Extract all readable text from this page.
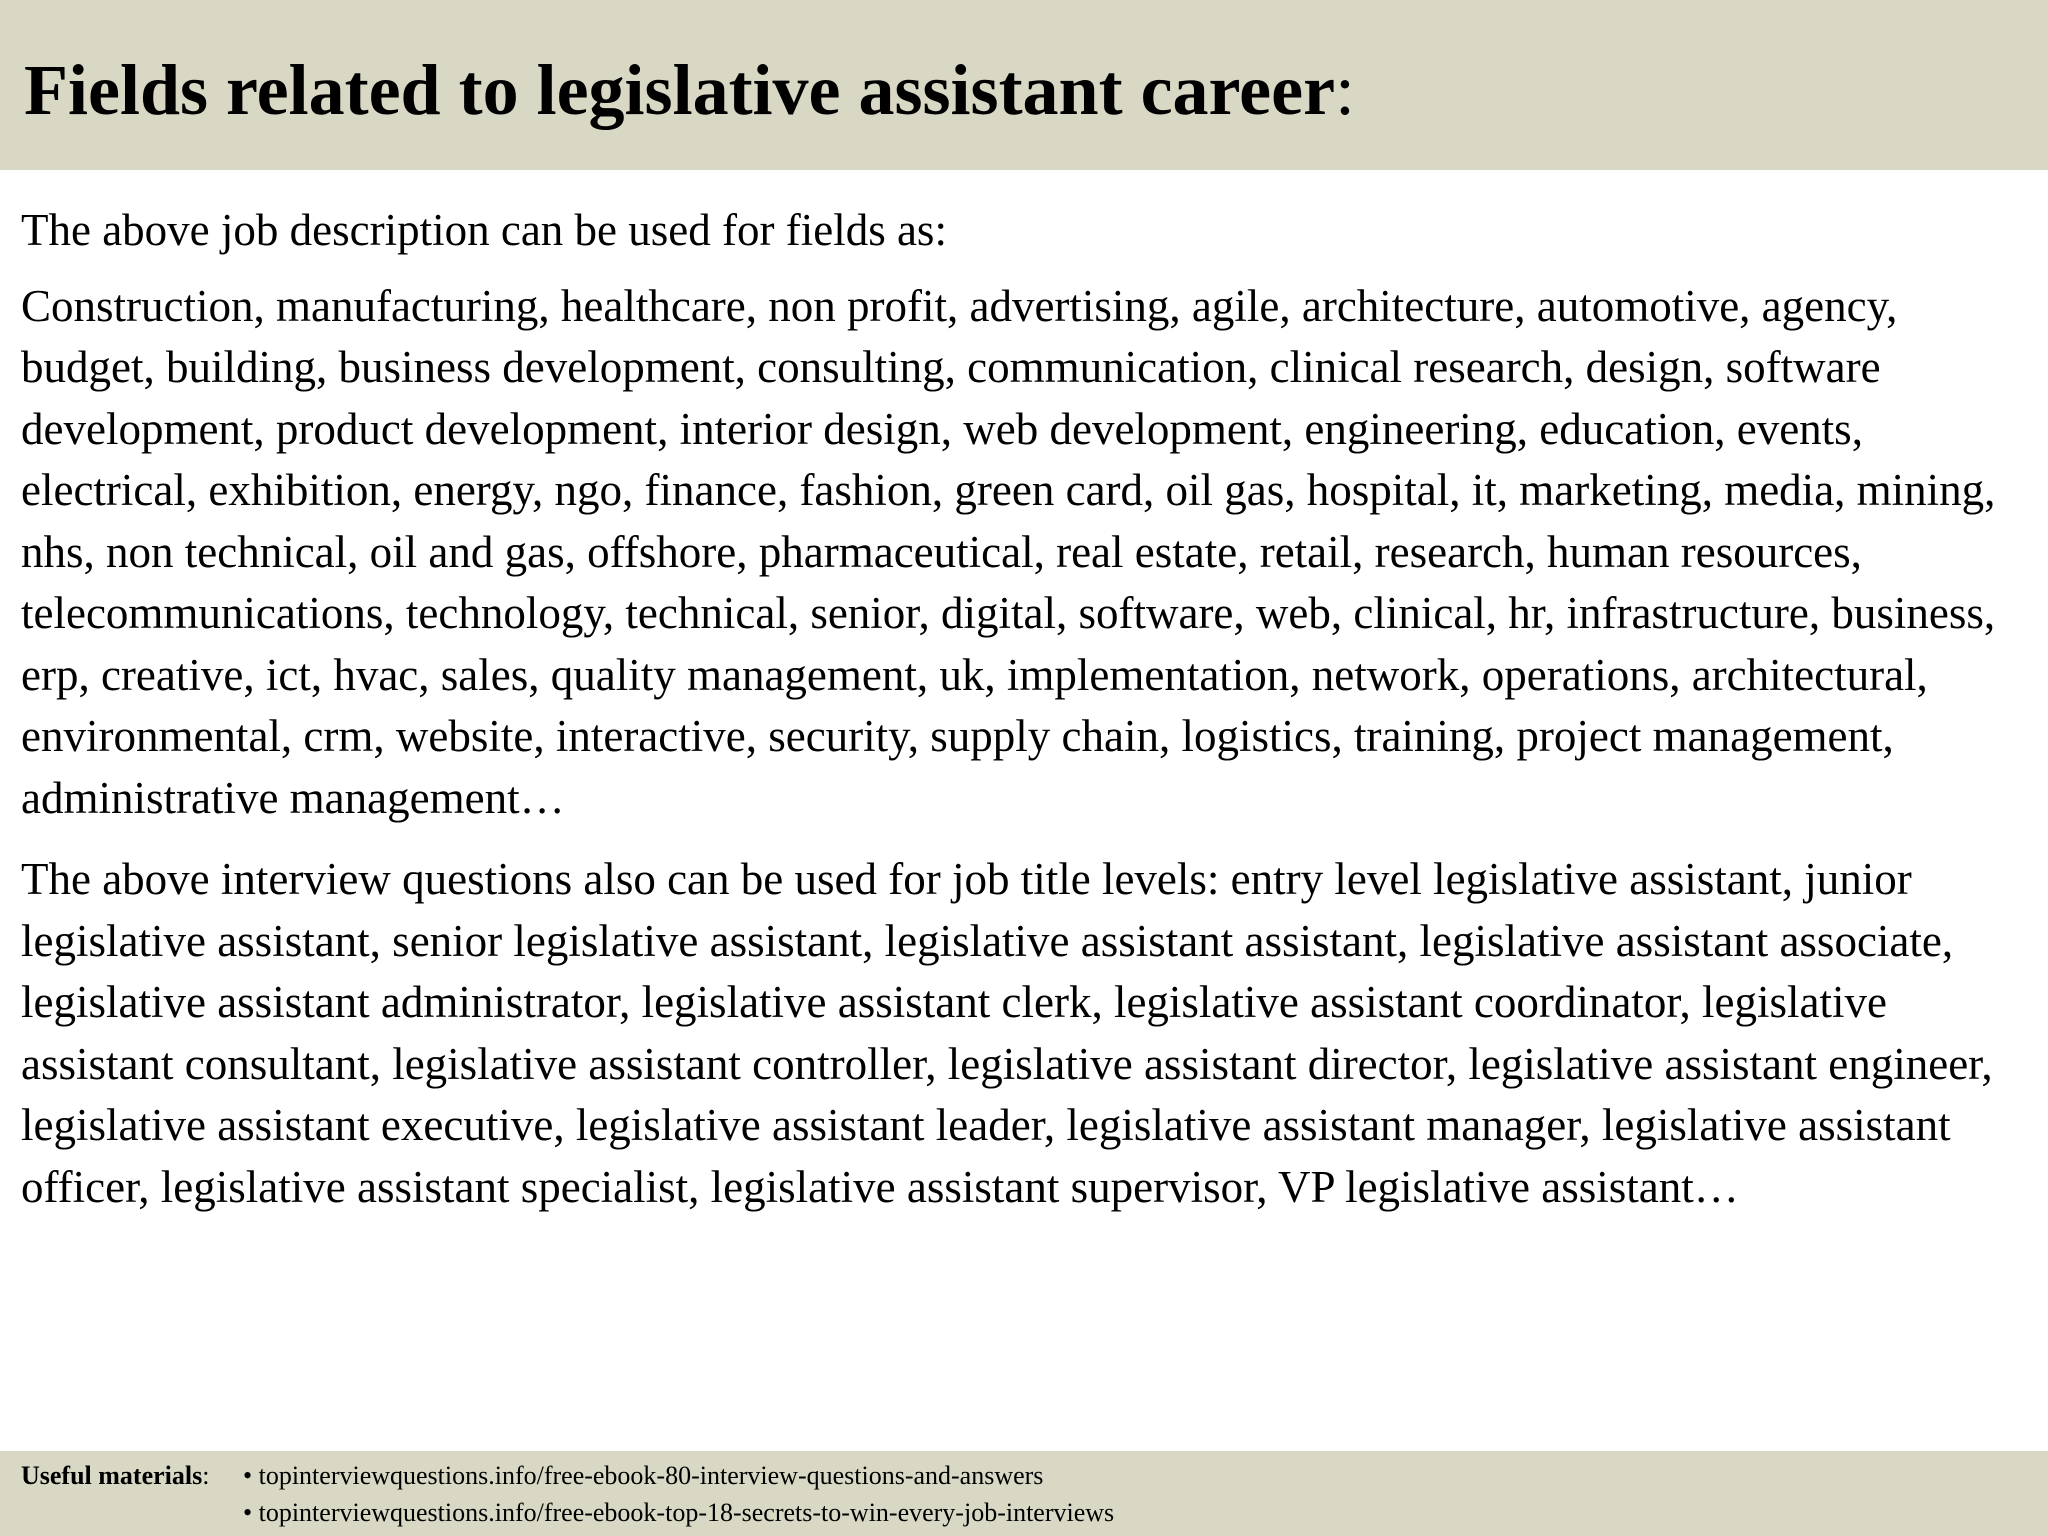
Fields related to legislative assistant career:

The above job description can be used for fields as:

Construction, manufacturing, healthcare, non profit, advertising, agile, architecture, automotive, agency, budget, building, business development, consulting, communication, clinical research, design, software development, product development, interior design, web development, engineering, education, events, electrical, exhibition, energy, ngo, finance, fashion, green card, oil gas, hospital, it, marketing, media, mining, nhs, non technical, oil and gas, offshore, pharmaceutical, real estate, retail, research, human resources, telecommunications, technology, technical, senior, digital, software, web, clinical, hr, infrastructure, business, erp, creative, ict, hvac, sales, quality management, uk, implementation, network, operations, architectural, environmental, crm, website, interactive, security, supply chain, logistics, training, project management, administrative management…

The above interview questions also can be used for job title levels: entry level legislative assistant, junior legislative assistant, senior legislative assistant, legislative assistant assistant, legislative assistant associate, legislative assistant administrator, legislative assistant clerk, legislative assistant coordinator, legislative assistant consultant, legislative assistant controller, legislative assistant director, legislative assistant engineer, legislative assistant executive, legislative assistant leader, legislative assistant manager, legislative assistant officer, legislative assistant specialist, legislative assistant supervisor, VP legislative assistant…

Useful materials:	• topinterviewquestions.info/free-ebook-80-interview-questions-and-answers
• topinterviewquestions.info/free-ebook-top-18-secrets-to-win-every-job-interviews
